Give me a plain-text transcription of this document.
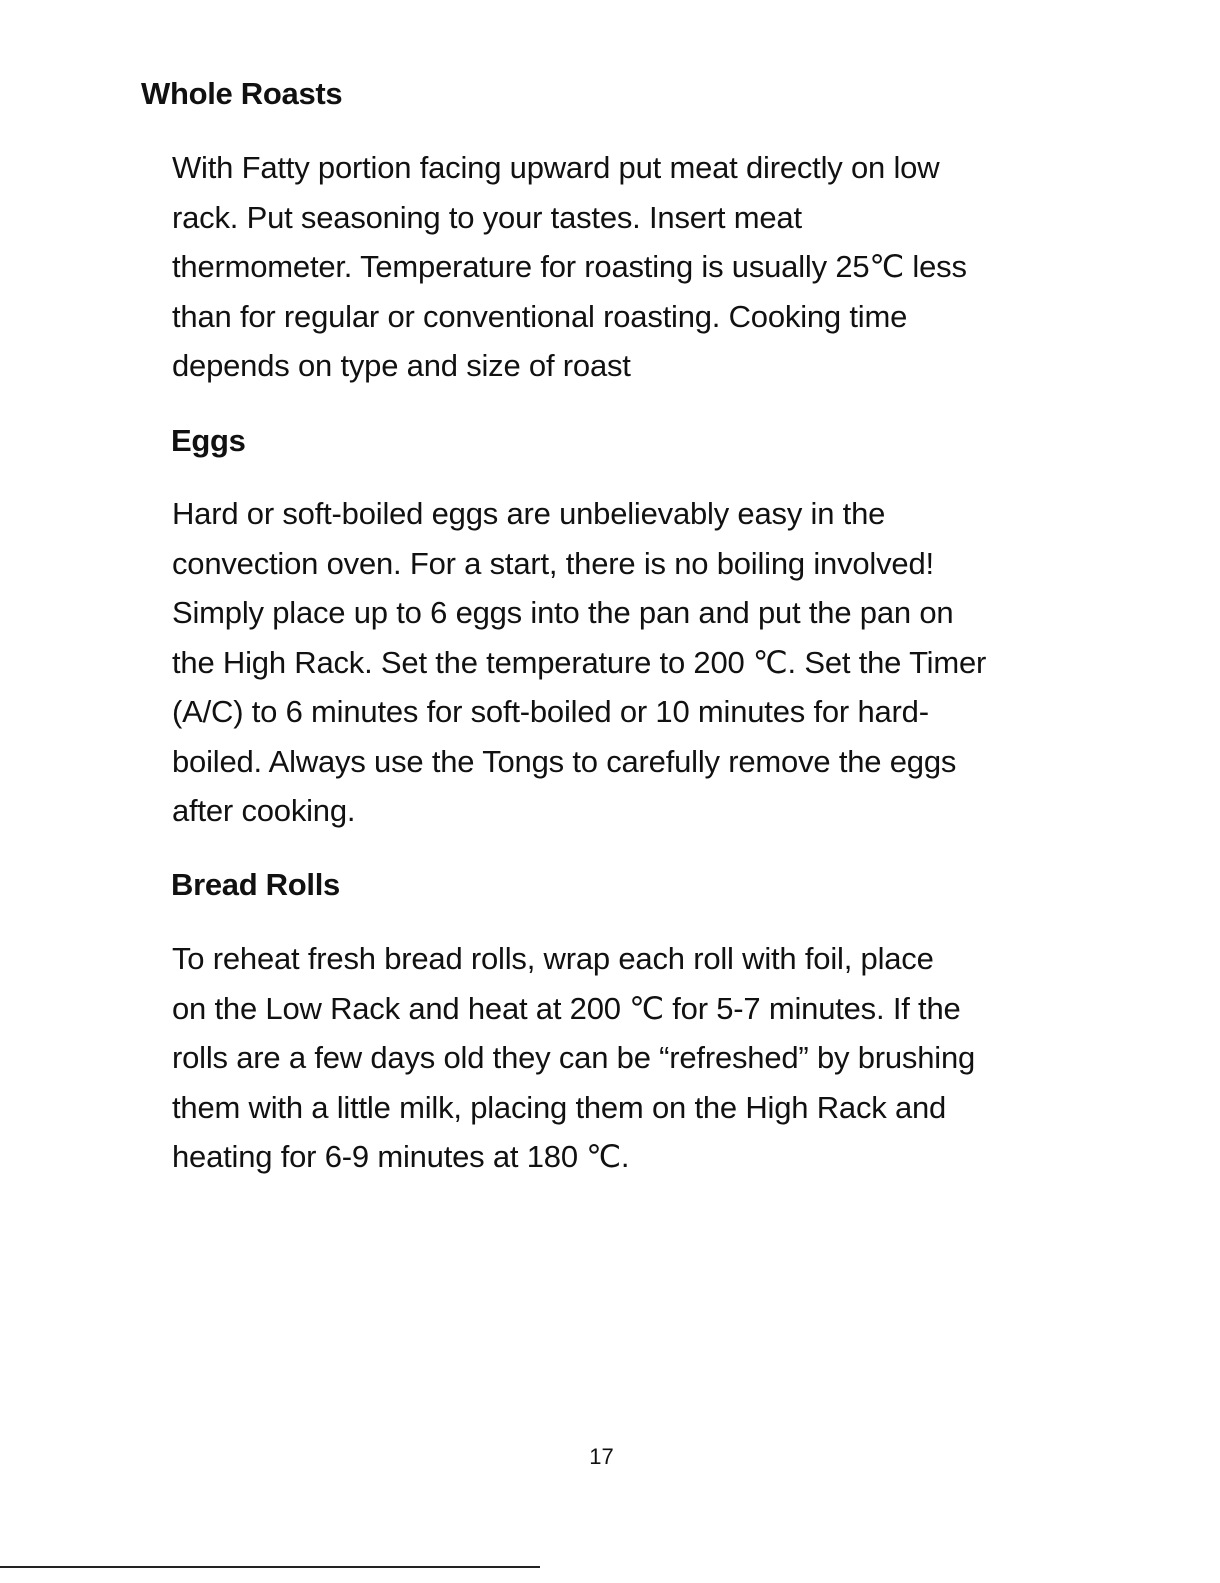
Whole Roasts

With Fatty portion facing upward put meat directly on low
rack. Put seasoning to your tastes. Insert meat
thermometer. Temperature for roasting is usually 25℃ less
than for regular or conventional roasting. Cooking time
depends on type and size of roast

Eggs

Hard or soft-boiled eggs are unbelievably easy in the
convection oven. For a start, there is no boiling involved!
Simply place up to 6 eggs into the pan and put the pan on
the High Rack. Set the temperature to 200 ℃. Set the Timer
(A/C) to 6 minutes for soft-boiled or 10 minutes for hard-
boiled. Always use the Tongs to carefully remove the eggs
after cooking.

Bread Rolls

To reheat fresh bread rolls, wrap each roll with foil, place
on the Low Rack and heat at 200 ℃ for 5-7 minutes. If the
rolls are a few days old they can be “refreshed” by brushing
them with a little milk, placing them on the High Rack and
heating for 6-9 minutes at 180 ℃.

17
